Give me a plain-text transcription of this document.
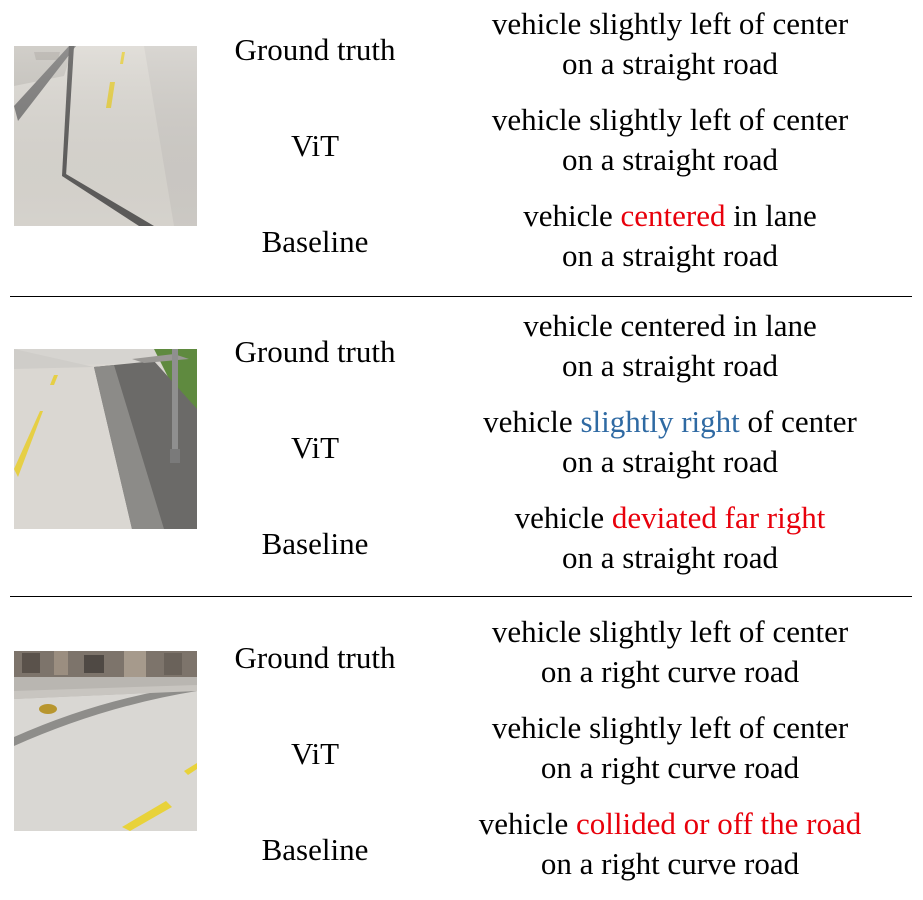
Ground truth
vehicle slightly left of center
on a straight road
ViT
vehicle slightly left of center
on a straight road
Baseline
vehicle centered in lane
on a straight road
Ground truth
vehicle centered in lane
on a straight road
ViT
vehicle slightly right of center
on a straight road
Baseline
vehicle deviated far right
on a straight road
Ground truth
vehicle slightly left of center
on a right curve road
ViT
vehicle slightly left of center
on a right curve road
Baseline
vehicle collided or off the road
on a right curve road
